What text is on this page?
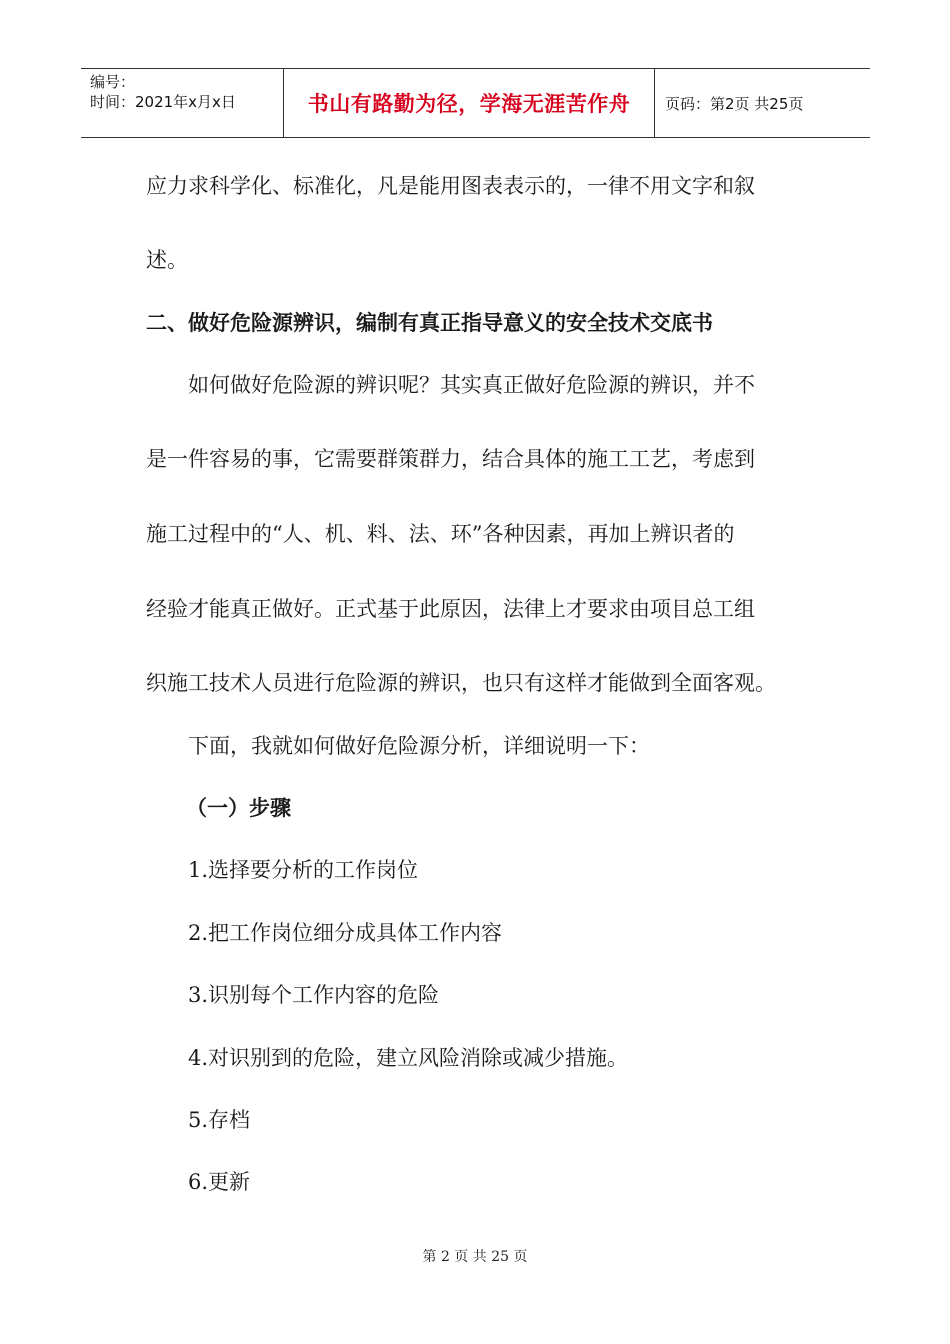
编号：
时间：2021年x月x日	书山有路勤为径，学海无涯苦作舟	页码：第2页 共25页
应力求科学化、标准化，凡是能用图表表示的，一律不用文字和叙
述。
二、做好危险源辨识，编制有真正指导意义的安全技术交底书
　　如何做好危险源的辨识呢？其实真正做好危险源的辨识，并不
是一件容易的事，它需要群策群力，结合具体的施工工艺，考虑到
施工过程中的“人、机、料、法、环”各种因素，再加上辨识者的
经验才能真正做好。正式基于此原因，法律上才要求由项目总工组
织施工技术人员进行危险源的辨识，也只有这样才能做到全面客观。
　　下面，我就如何做好危险源分析，详细说明一下：
（一）步骤
1.选择要分析的工作岗位
2.把工作岗位细分成具体工作内容
3.识别每个工作内容的危险
4.对识别到的危险，建立风险消除或减少措施。
5.存档
6.更新
第 2 页 共 25 页
